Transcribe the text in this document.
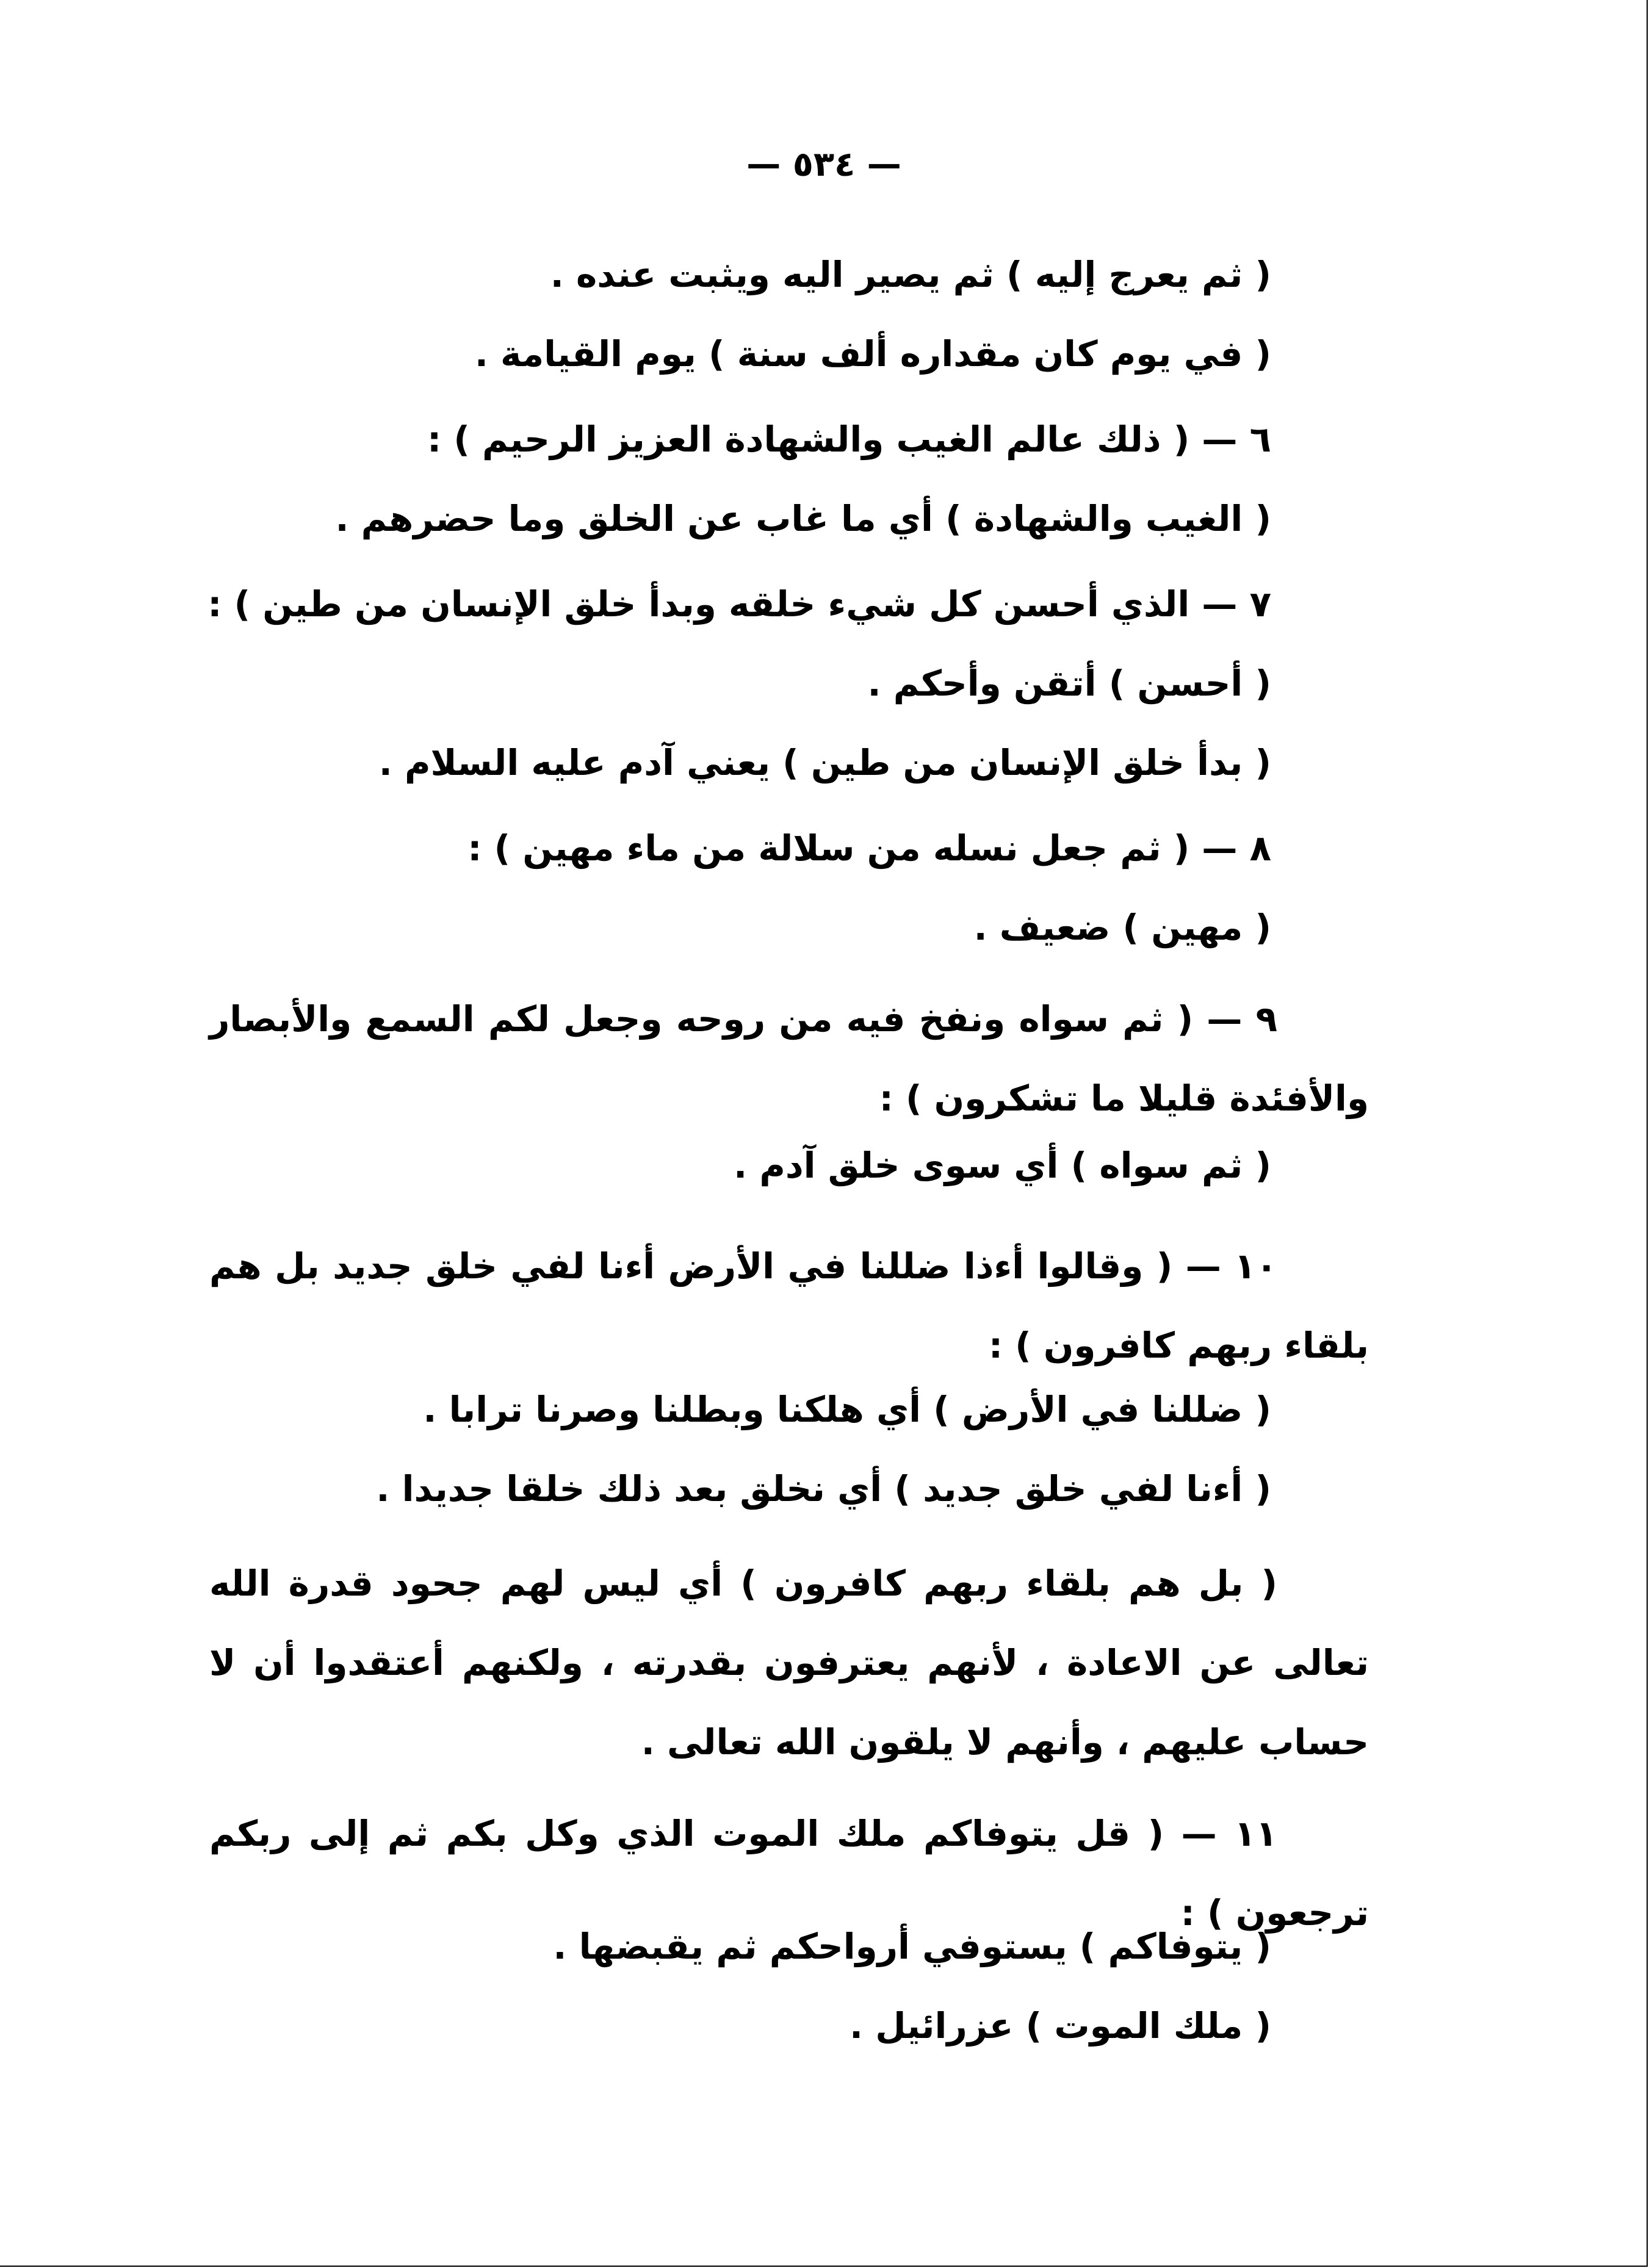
— ٥٣٤ —
( ثم يعرج إليه ) ثم يصير اليه ويثبت عنده .
( في يوم كان مقداره ألف سنة ) يوم القيامة .
٦ — ( ذلك عالم الغيب والشهادة العزيز الرحيم ) :
( الغيب والشهادة ) أي ما غاب عن الخلق وما حضرهم .
٧ — الذي أحسن كل شيء خلقه وبدأ خلق الإنسان من طين ) :
( أحسن ) أتقن وأحكم .
( بدأ خلق الإنسان من طين ) يعني آدم عليه السلام .
٨ — ( ثم جعل نسله من سلالة من ماء مهين ) :
( مهين ) ضعيف .
٩ — ( ثم سواه ونفخ فيه من روحه وجعل لكم السمع والأبصار والأفئدة قليلا ما تشكرون ) :
( ثم سواه ) أي سوى خلق آدم .
١٠ — ( وقالوا أءذا ضللنا في الأرض أءنا لفي خلق جديد بل هم بلقاء ربهم كافرون ) :
( ضللنا في الأرض ) أي هلكنا وبطلنا وصرنا ترابا .
( أءنا لفي خلق جديد ) أي نخلق بعد ذلك خلقا جديدا .
( بل هم بلقاء ربهم كافرون ) أي ليس لهم جحود قدرة الله تعالى عن الاعادة ، لأنهم يعترفون بقدرته ، ولكنهم أعتقدوا أن لا حساب عليهم ، وأنهم لا يلقون الله تعالى .
١١ — ( قل يتوفاكم ملك الموت الذي وكل بكم ثم إلى ربكم ترجعون ) :
( يتوفاكم ) يستوفي أرواحكم ثم يقبضها .
( ملك الموت ) عزرائيل .
